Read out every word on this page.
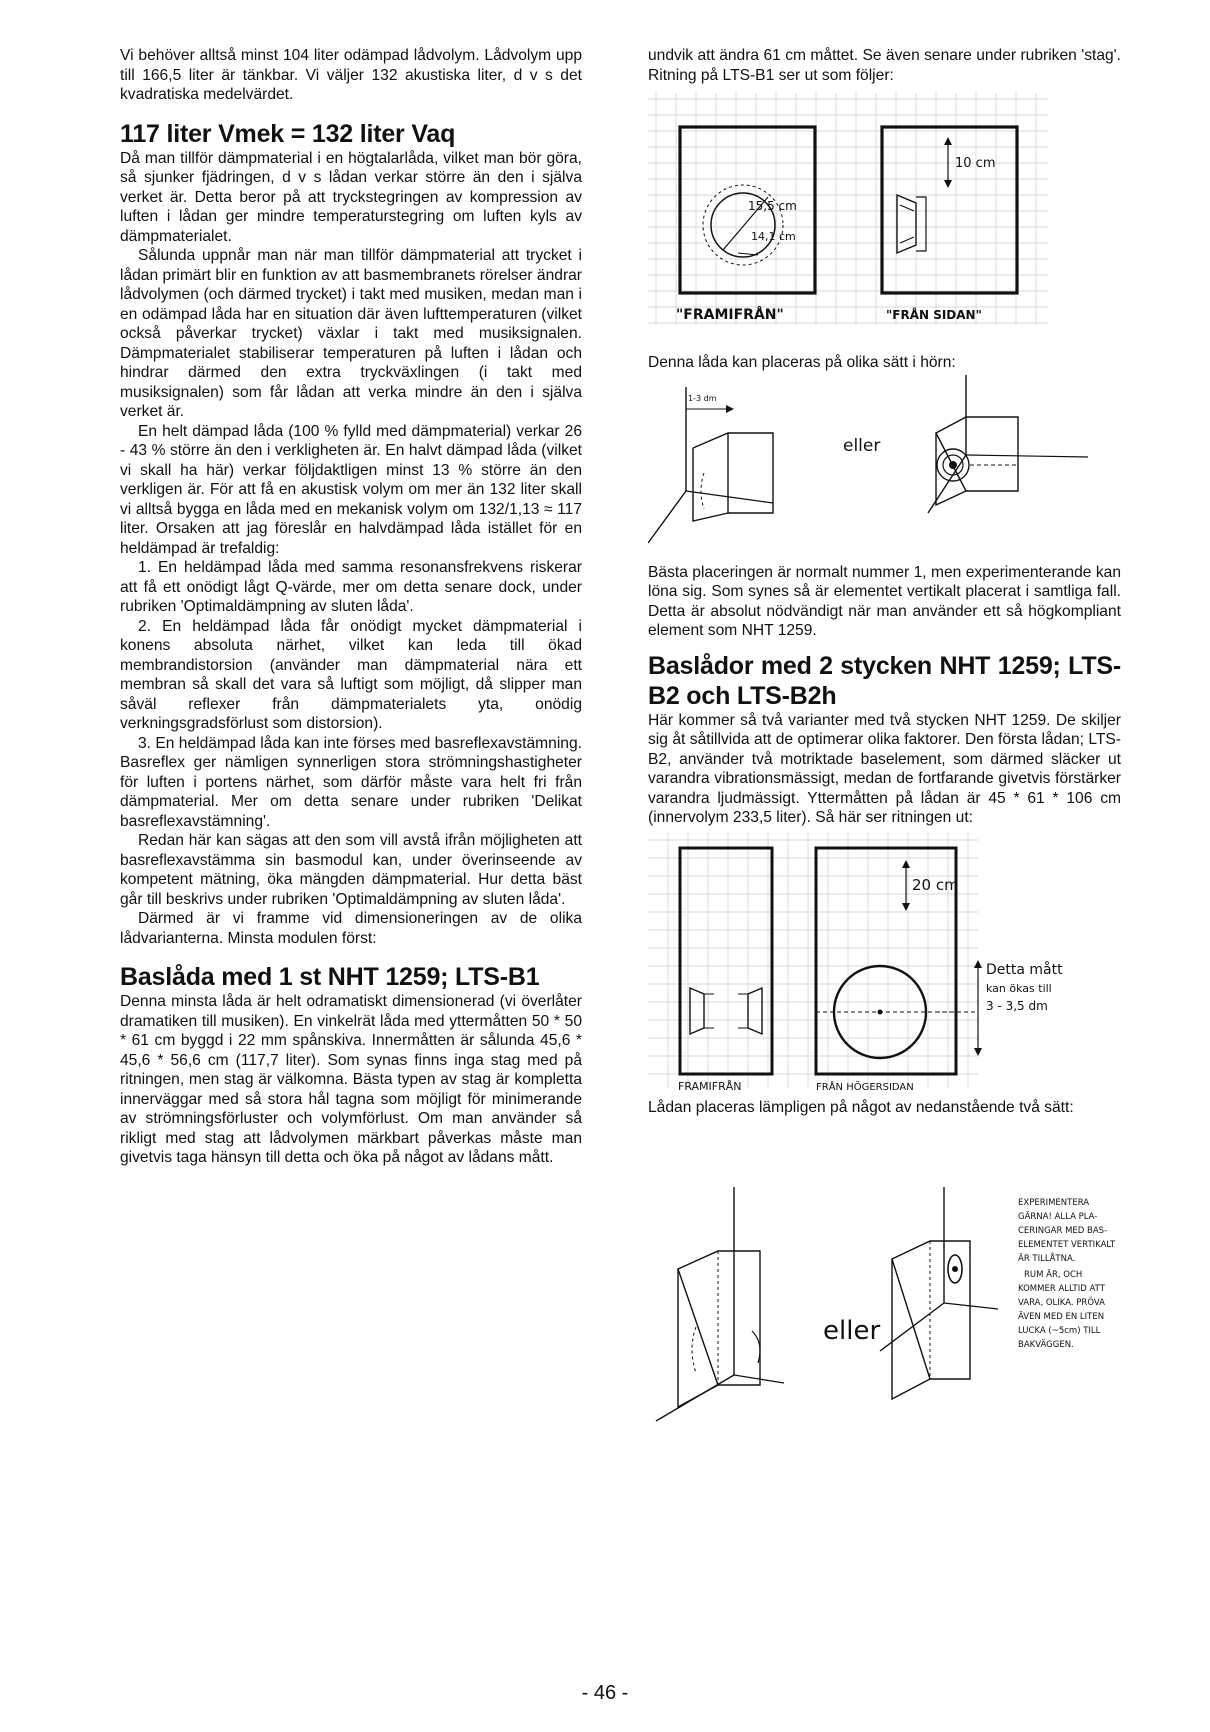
Vi behöver alltså minst 104 liter odämpad lådvolym. Lådvolym upp till 166,5 liter är tänkbar. Vi väljer 132 akustiska liter, d v s det kvadratiska medelvärdet.

117 liter Vmek = 132 liter Vaq

Då man tillför dämpmaterial i en högtalarlåda, vilket man bör göra, så sjunker fjädringen, d v s lådan verkar större än den i själva verket är. Detta beror på att tryckstegringen av kompression av luften i lådan ger mindre temperaturstegring om luften kyls av dämpmaterialet.

Sålunda uppnår man när man tillför dämpmaterial att trycket i lådan primärt blir en funktion av att basmembranets rörelser ändrar lådvolymen (och därmed trycket) i takt med musiken, medan man i en odämpad låda har en situation där även lufttemperaturen (vilket också påverkar trycket) växlar i takt med musiksignalen. Dämpmaterialet stabiliserar temperaturen på luften i lådan och hindrar därmed den extra tryckväxlingen (i takt med musiksignalen) som får lådan att verka mindre än den i själva verket är.

En helt dämpad låda (100 % fylld med dämpmaterial) verkar 26 - 43 % större än den i verkligheten är. En halvt dämpad låda (vilket vi skall ha här) verkar följdaktligen minst 13 % större än den verkligen är. För att få en akustisk volym om mer än 132 liter skall vi alltså bygga en låda med en mekanisk volym om 132/1,13 ≈ 117 liter. Orsaken att jag föreslår en halvdämpad låda istället för en heldämpad är trefaldig:

1. En heldämpad låda med samma resonansfrekvens riskerar att få ett onödigt lågt Q-värde, mer om detta senare dock, under rubriken 'Optimaldämpning av sluten låda'.

2. En heldämpad låda får onödigt mycket dämpmaterial i konens absoluta närhet, vilket kan leda till ökad membrandistorsion (använder man dämpmaterial nära ett membran så skall det vara så luftigt som möjligt, då slipper man såväl reflexer från dämpmaterialets yta, onödig verkningsgradsförlust som distorsion).

3. En heldämpad låda kan inte förses med basreflexavstämning. Basreflex ger nämligen synnerligen stora strömningshastigheter för luften i portens närhet, som därför måste vara helt fri från dämpmaterial. Mer om detta senare under rubriken 'Delikat basreflexavstämning'.

Redan här kan sägas att den som vill avstå ifrån möjligheten att basreflexavstämma sin basmodul kan, under överinseende av kompetent mätning, öka mängden dämpmaterial. Hur detta bäst går till beskrivs under rubriken 'Optimaldämpning av sluten låda'.

Därmed är vi framme vid dimensioneringen av de olika lådvarianterna. Minsta modulen först:

Baslåda med 1 st NHT 1259; LTS-B1

Denna minsta låda är helt odramatiskt dimensionerad (vi överlåter dramatiken till musiken). En vinkelrät låda med yttermåtten 50 * 50 * 61 cm byggd i 22 mm spånskiva. Innermåtten är sålunda 45,6 * 45,6 * 56,6 cm (117,7 liter). Som synas finns inga stag med på ritningen, men stag är välkomna. Bästa typen av stag är kompletta innerväggar med så stora hål tagna som möjligt för minimerande av strömningsförluster och volymförlust. Om man använder så rikligt med stag att lådvolymen märkbart påverkas måste man givetvis taga hänsyn till detta och öka på något av lådans mått.

undvik att ändra 61 cm måttet. Se även senare under rubriken 'stag'. Ritning på LTS-B1 ser ut som följer:

15,5 cm
14,1 cm
10 cm
"FRAMIFRÅN"	"FRÅN SIDAN"

Denna låda kan placeras på olika sätt i hörn:

1-3 dm
eller

Bästa placeringen är normalt nummer 1, men experimenterande kan löna sig. Som synes så är elementet vertikalt placerat i samtliga fall. Detta är absolut nödvändigt när man använder ett så högkompliant element som NHT 1259.

Baslådor med 2 stycken NHT 1259; LTS-B2 och LTS-B2h

Här kommer så två varianter med två stycken NHT 1259. De skiljer sig åt såtillvida att de optimerar olika faktorer. Den första lådan; LTS-B2, använder två motriktade baselement, som därmed släcker ut varandra vibrationsmässigt, medan de fortfarande givetvis förstärker varandra ljudmässigt. Yttermåtten på lådan är 45 * 61 * 106 cm (innervolym 233,5 liter). Så här ser ritningen ut:

20 cm
Detta mått
kan ökas till
3 - 3,5 dm
FRAMIFRÅN	FRÅN HÖGERSIDAN

Lådan placeras lämpligen på något av nedanstående två sätt:

eller
EXPERIMENTERA GÄRNA! ALLA PLA- CERINGAR MED BAS- ELEMENTET VERTIKALT ÄR TILLÅTNA. RUM ÄR, OCH KOMMER ALLTID ATT VARA, OLIKA. PRÖVA ÄVEN MED EN LITEN LUCKA (~5cm) TILL BAKVÄGGEN.
- 46 -
